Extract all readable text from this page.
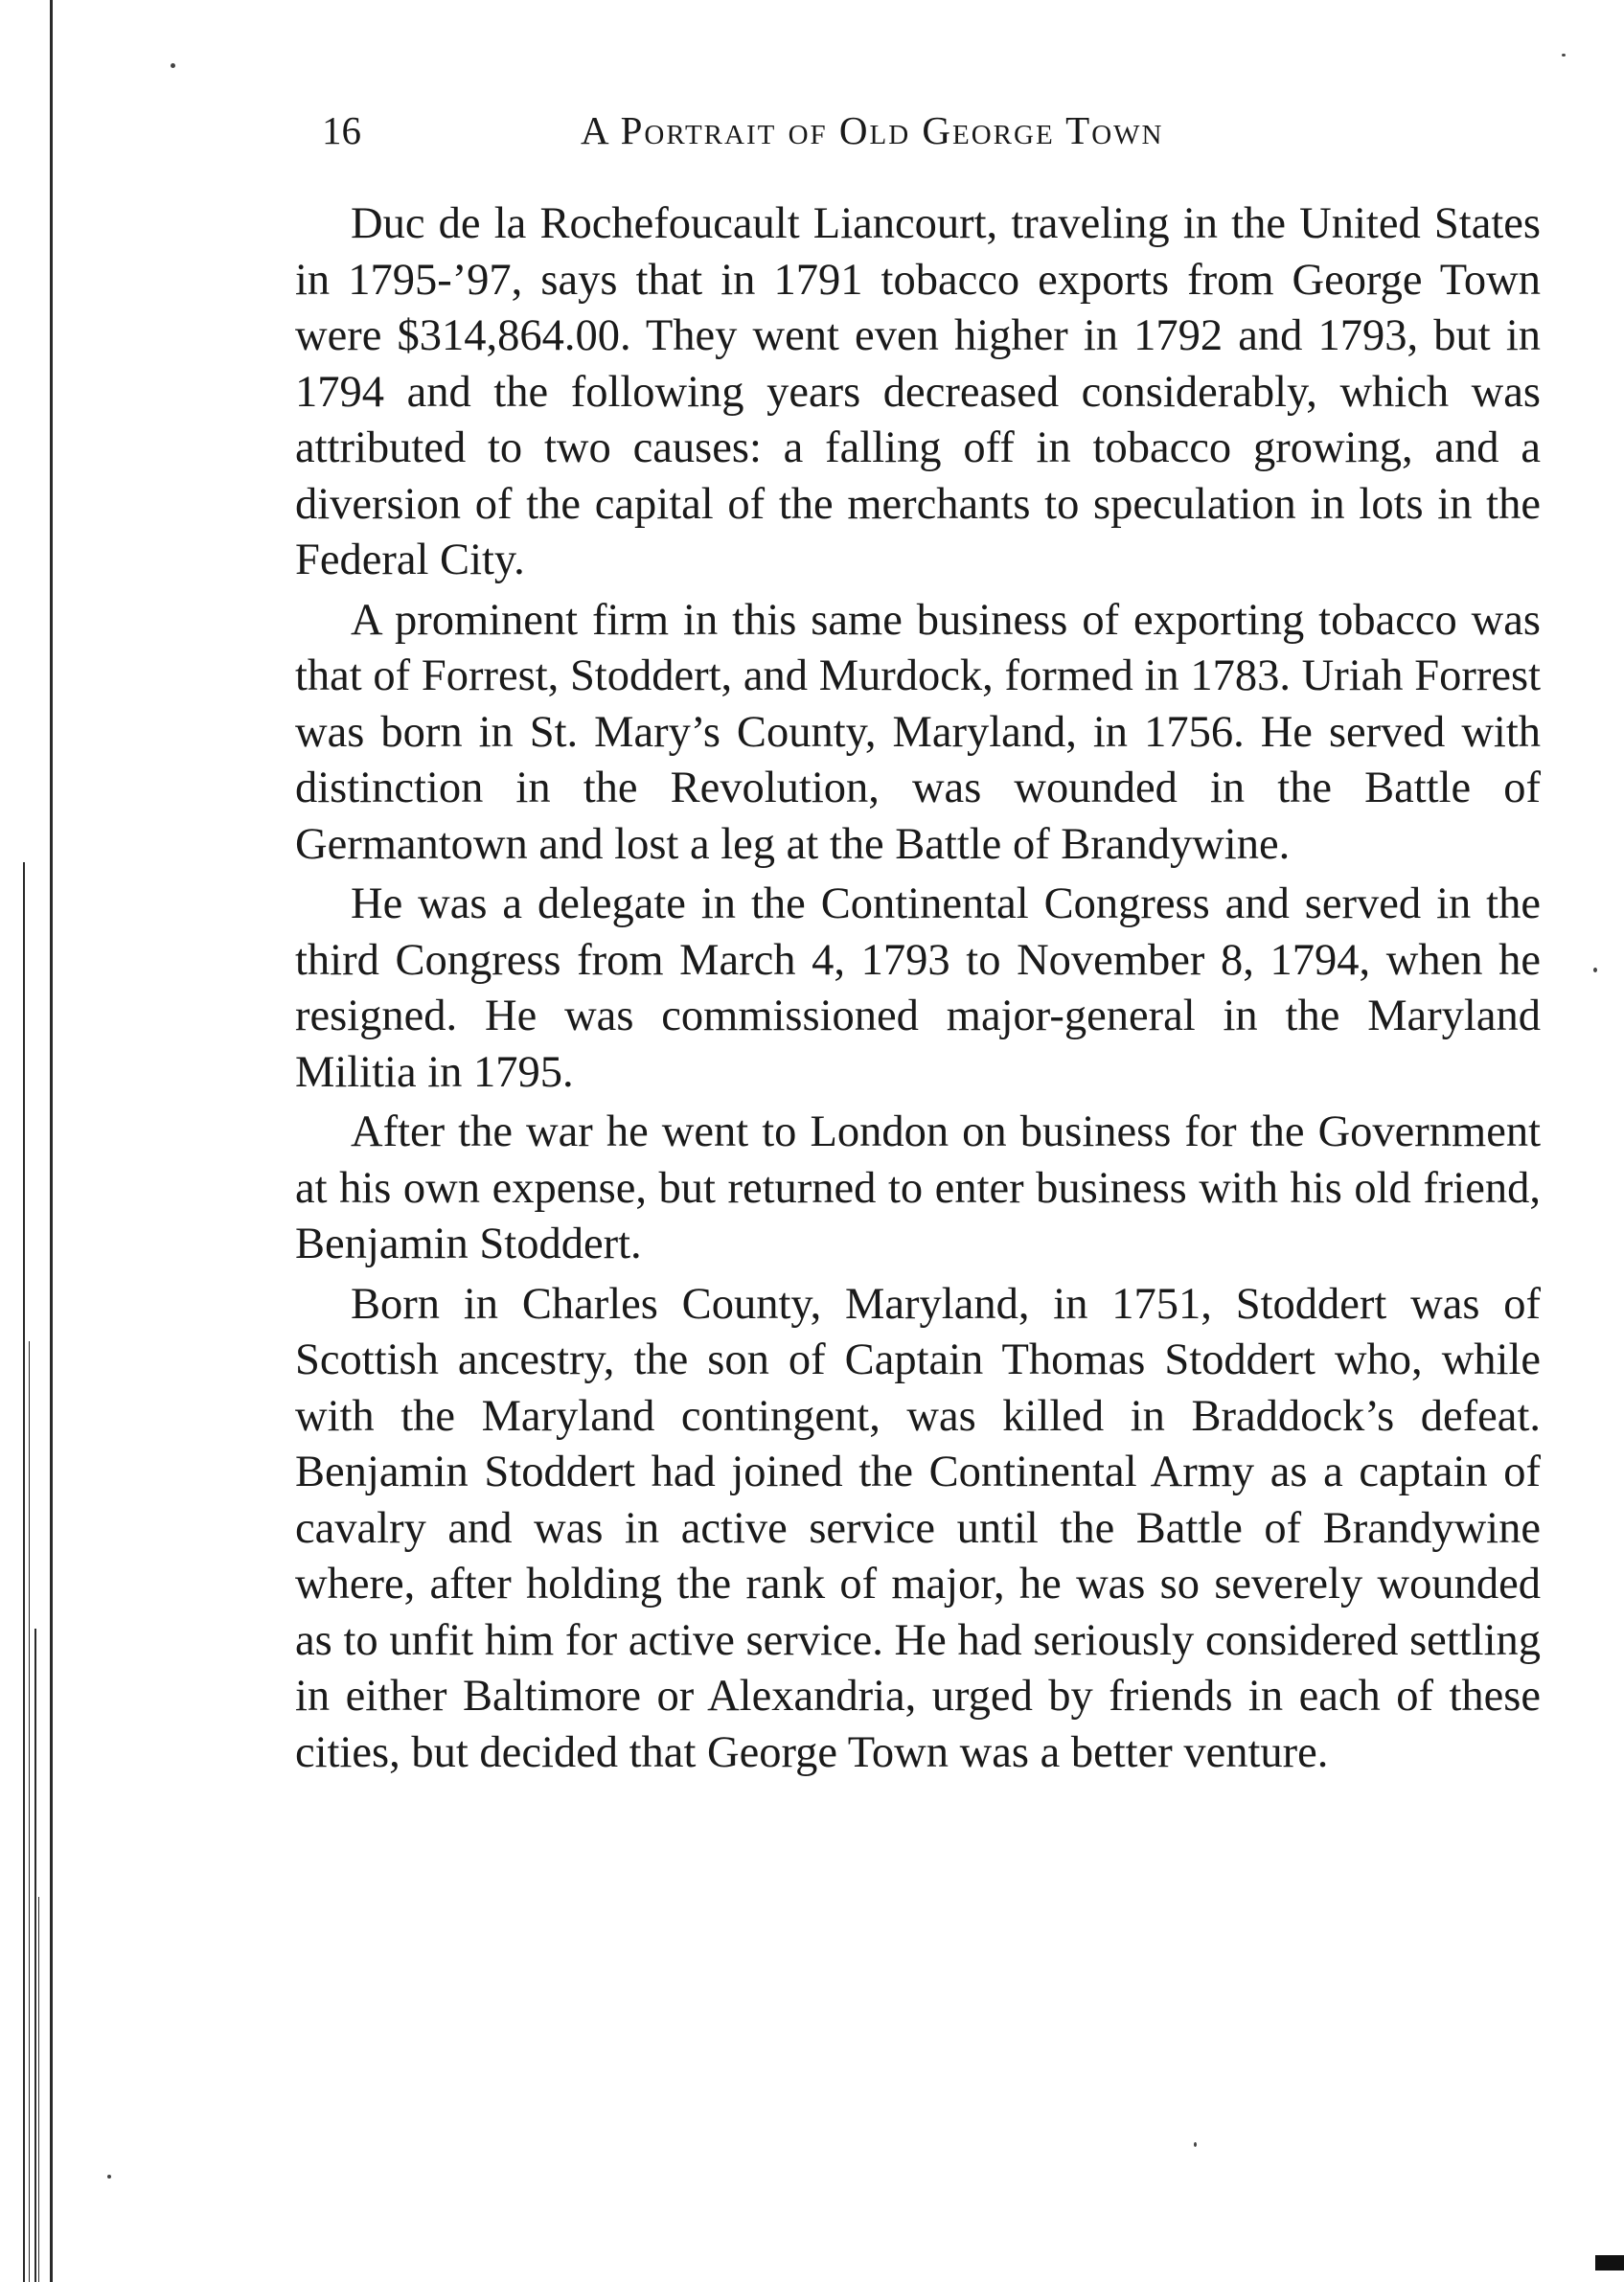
16	A Portrait of Old George Town

Duc de la Rochefoucault Liancourt, traveling in the United States in 1795-’97, says that in 1791 tobacco exports from George Town were $314,864.00. They went even higher in 1792 and 1793, but in 1794 and the following years decreased considerably, which was attributed to two causes: a falling off in tobacco growing, and a diversion of the capital of the merchants to speculation in lots in the Federal City.

A prominent firm in this same business of exporting tobacco was that of Forrest, Stoddert, and Murdock, formed in 1783. Uriah Forrest was born in St. Mary’s County, Maryland, in 1756. He served with distinction in the Revolution, was wounded in the Battle of Germantown and lost a leg at the Battle of Brandywine.

He was a delegate in the Continental Congress and served in the third Congress from March 4, 1793 to November 8, 1794, when he resigned. He was commissioned major-general in the Maryland Militia in 1795.

After the war he went to London on business for the Government at his own expense, but returned to enter business with his old friend, Benjamin Stoddert.

Born in Charles County, Maryland, in 1751, Stoddert was of Scottish ancestry, the son of Captain Thomas Stoddert who, while with the Maryland contingent, was killed in Braddock’s defeat. Benjamin Stoddert had joined the Continental Army as a captain of cavalry and was in active service until the Battle of Brandywine where, after holding the rank of major, he was so severely wounded as to unfit him for active service. He had seriously considered settling in either Baltimore or Alexandria, urged by friends in each of these cities, but decided that George Town was a better venture.
